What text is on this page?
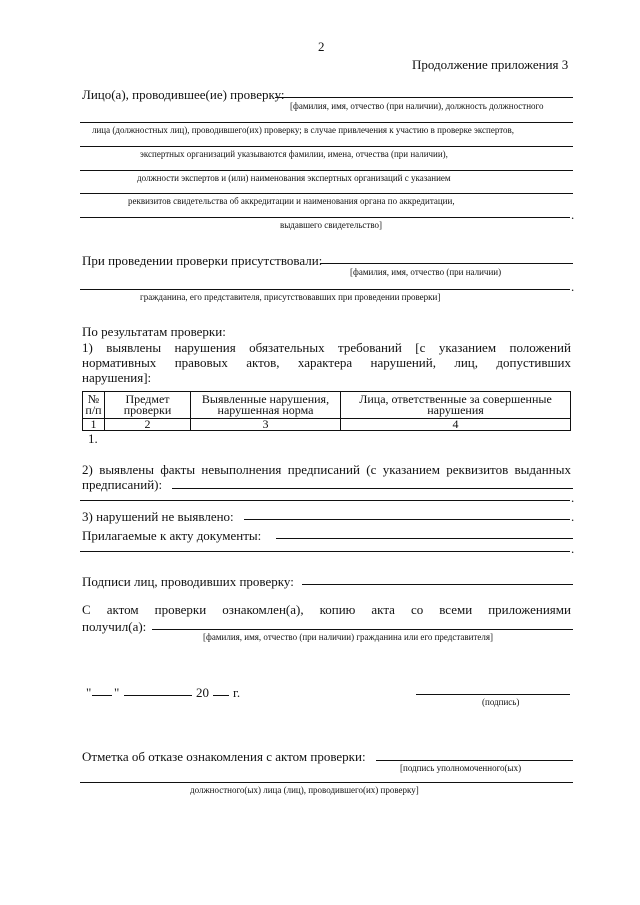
2
Продолжение приложения 3
Лицо(а), проводившее(ие) проверку:
[фамилия, имя, отчество (при наличии), должность должностного
лица (должностных лиц), проводившего(их) проверку; в случае привлечения к участию в проверке экспертов,
экспертных организаций указываются фамилии, имена, отчества (при наличии),
должности экспертов и (или) наименования экспертных организаций с указанием
реквизитов свидетельства об аккредитации и наименования органа по аккредитации,
.
выдавшего свидетельство]
При проведении проверки присутствовали:
[фамилия, имя, отчество (при наличии)
.
гражданина, его представителя, присутствовавших при проведении проверки]
По результатам проверки:
1) выявлены нарушения обязательных требований [с указанием положений
нормативных правовых актов, характера нарушений, лиц, допустивших
нарушения]:
№ п/п	Предмет проверки	Выявленные нарушения, нарушенная норма	Лица, ответственные за совершенные нарушения
1	2	3	4
1.
2) выявлены факты невыполнения предписаний (с указанием реквизитов выданных
предписаний):
.
3) нарушений не выявлено:	.
Прилагаемые к акту документы:
.
Подписи лиц, проводивших проверку:
С актом проверки ознакомлен(а), копию акта со всеми приложениями
получил(а):
[фамилия, имя, отчество (при наличии) гражданина или его представителя]
" "	20 г.
(подпись)
Отметка об отказе ознакомления с актом проверки:
[подпись уполномоченного(ых)
должностного(ых) лица (лиц), проводившего(их) проверку]
